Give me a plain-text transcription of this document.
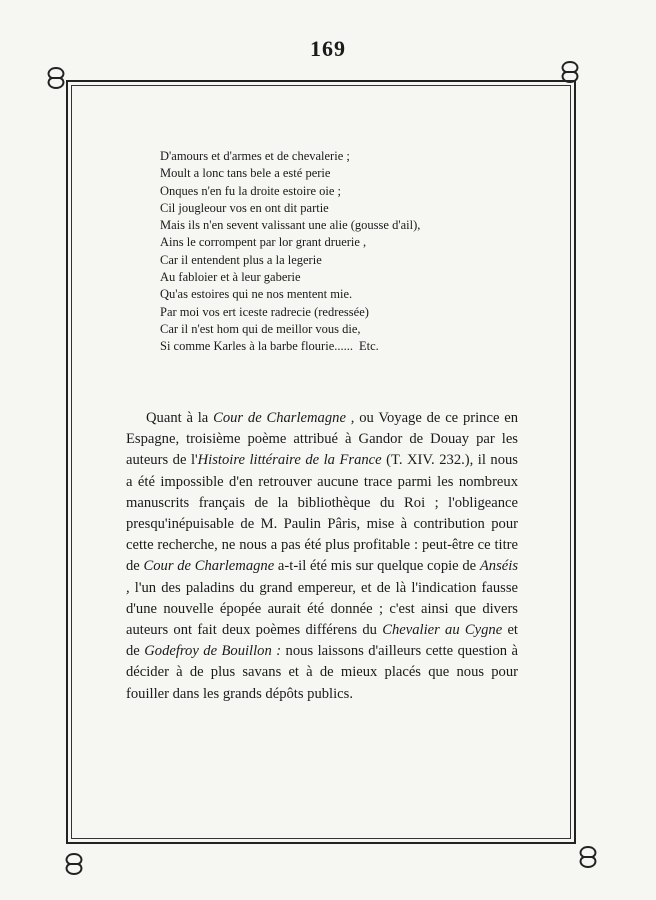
169
D'amours et d'armes et de chevalerie ;
Moult a lonc tans bele a esté perie
Onques n'en fu la droite estoire oie ;
Cil jougleour vos en ont dit partie
Mais ils n'en sevent valissant une alie (gousse d'ail),
Ains le corrompent par lor grant druerie ,
Car il entendent plus a la legerie
Au fabloier et à leur gaberie
Qu'as estoires qui ne nos mentent mie.
Par moi vos ert iceste radrecie (redressée)
Car il n'est hom qui de meillor vous die,
Si comme Karles à la barbe flourie...... Etc.

Quant à la Cour de Charlemagne , ou Voyage de ce prince en Espagne, troisième poème attribué à Gandor de Douay par les auteurs de l'Histoire littéraire de la France (T. XIV. 232.), il nous a été impossible d'en retrouver aucune trace parmi les nombreux manuscrits français de la bibliothèque du Roi ; l'obligeance presqu'inépuisable de M. Paulin Pâris, mise à contribution pour cette recherche, ne nous a pas été plus profitable : peut-être ce titre de Cour de Charlemagne a-t-il été mis sur quelque copie de Anséis , l'un des paladins du grand empereur, et de là l'indication fausse d'une nouvelle épopée aurait été donnée ; c'est ainsi que divers auteurs ont fait deux poèmes différens du Chevalier au Cygne et de Godefroy de Bouillon : nous laissons d'ailleurs cette question à décider à de plus savans et à de mieux placés que nous pour fouiller dans les grands dépôts publics.
